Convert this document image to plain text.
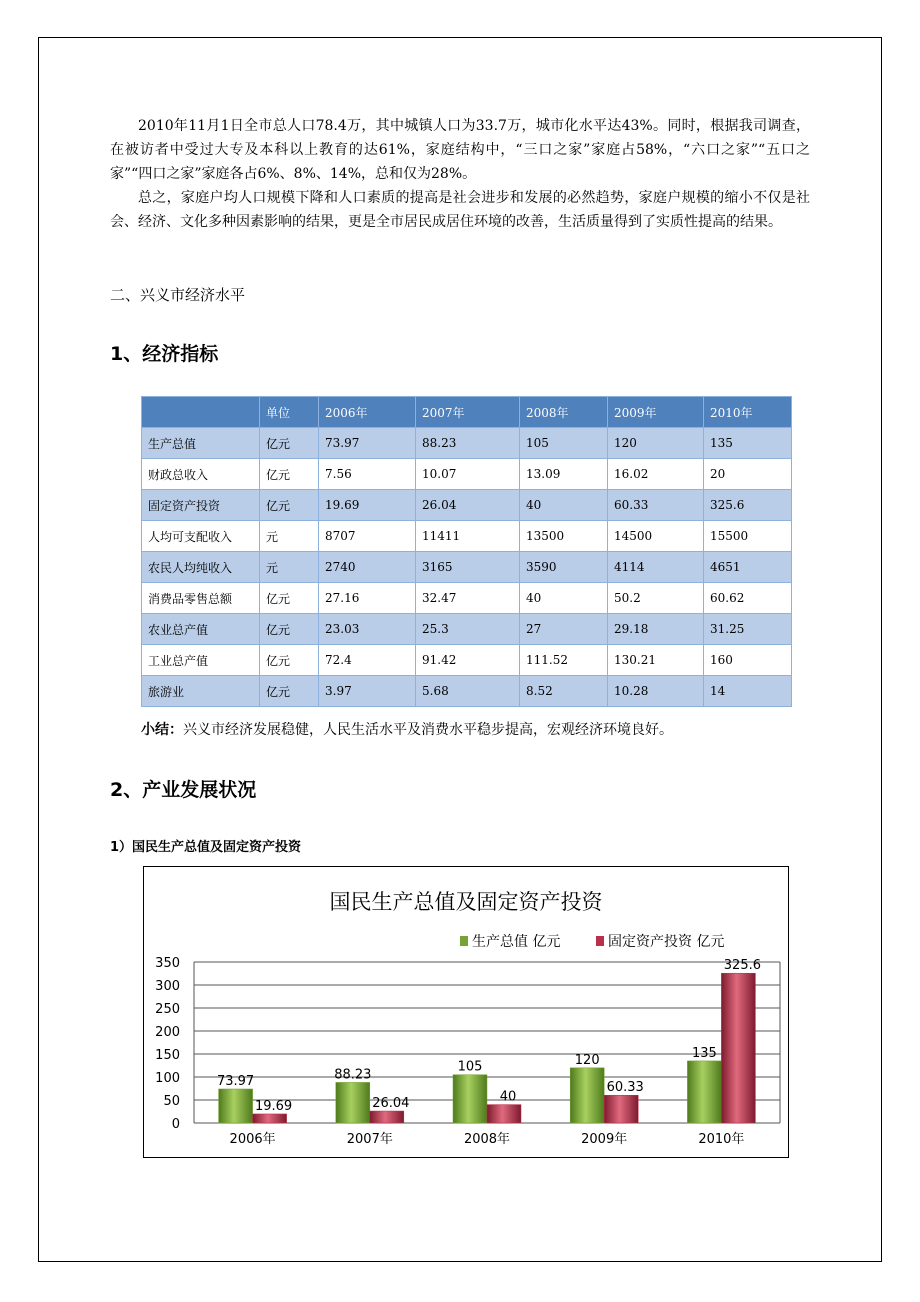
2010年11月1日全市总人口78.4万，其中城镇人口为33.7万，城市化水平达43%。同时，根据我司调查，在被访者中受过大专及本科以上教育的达61%，家庭结构中，“三口之家”家庭占58%，“六口之家”“五口之家”“四口之家”家庭各占6%、8%、14%，总和仅为28%。

总之，家庭户均人口规模下降和人口素质的提高是社会进步和发展的必然趋势，家庭户规模的缩小不仅是社会、经济、文化多种因素影响的结果，更是全市居民成居住环境的改善，生活质量得到了实质性提高的结果。

二、兴义市经济水平

1、经济指标

	单位	2006年	2007年	2008年	2009年	2010年
生产总值	亿元	73.97	88.23	105	120	135
财政总收入	亿元	7.56	10.07	13.09	16.02	20
固定资产投资	亿元	19.69	26.04	40	60.33	325.6
人均可支配收入	元	8707	11411	13500	14500	15500
农民人均纯收入	元	2740	3165	3590	4114	4651
消费品零售总额	亿元	27.16	32.47	40	50.2	60.62
农业总产值	亿元	23.03	25.3	27	29.18	31.25
工业总产值	亿元	72.4	91.42	111.52	130.21	160
旅游业	亿元	3.97	5.68	8.52	10.28	14

小结：兴义市经济发展稳健，人民生活水平及消费水平稳步提高，宏观经济环境良好。

2、产业发展状况

1）国民生产总值及固定资产投资

国民生产总值及固定资产投资
生产总值 亿元	固定资产投资 亿元
0
50
100
150
200
250
300
350
73.97
19.69
2006年
88.23
26.04
2007年
105
40
2008年
120
60.33
2009年
135
325.6
2010年
